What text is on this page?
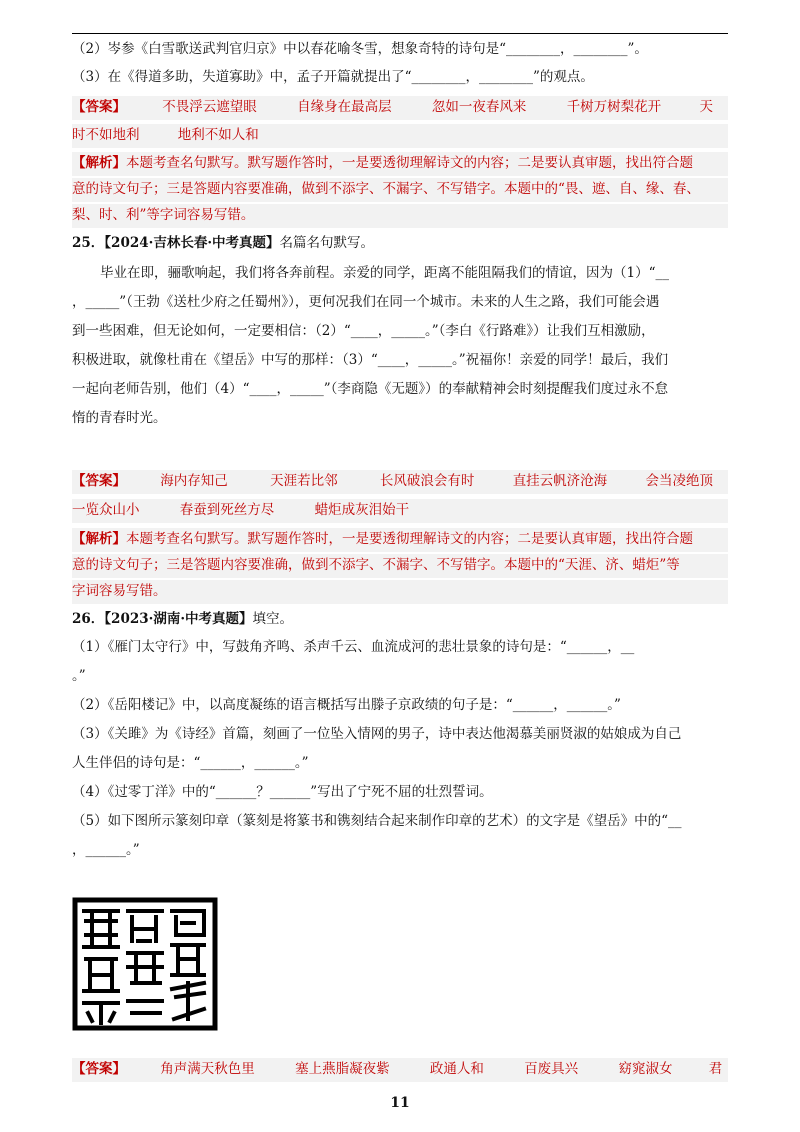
（2）岑参《白雪歌送武判官归京》中以春花喻冬雪，想象奇特的诗句是“________，________”。
（3）在《得道多助，失道寡助》中，孟子开篇就提出了“________，________”的观点。
【答案】	不畏浮云遮望眼	自缘身在最高层	忽如一夜春风来	千树万树梨花开	天
时不如地利	地利不如人和
【解析】本题考查名句默写。默写题作答时，一是要透彻理解诗文的内容；二是要认真审题，找出符合题
意的诗文句子；三是答题内容要准确，做到不添字、不漏字、不写错字。本题中的“畏、遮、自、缘、春、
梨、时、利”等字词容易写错。
25．【2024·吉林长春·中考真题】名篇名句默写。
毕业在即，骊歌响起，我们将各奔前程。亲爱的同学，距离不能阻隔我们的情谊，因为（1）“__
，_____”（王勃《送杜少府之任蜀州》），更何况我们在同一个城市。未来的人生之路，我们可能会遇
到一些困难，但无论如何，一定要相信：（2）“____，_____。”（李白《行路难》）让我们互相激励，
积极进取，就像杜甫在《望岳》中写的那样：（3）“____，_____。”祝福你！亲爱的同学！最后，我们
一起向老师告别，他们（4）“____，_____”（李商隐《无题》）的奉献精神会时刻提醒我们度过永不怠
惰的青春时光。
【答案】	海内存知己	天涯若比邻	长风破浪会有时	直挂云帆济沧海	会当凌绝顶
一览众山小	春蚕到死丝方尽	蜡炬成灰泪始干
【解析】本题考查名句默写。默写题作答时，一是要透彻理解诗文的内容；二是要认真审题，找出符合题
意的诗文句子；三是答题内容要准确，做到不添字、不漏字、不写错字。本题中的“天涯、济、蜡炬”等
字词容易写错。
26．【2023·湖南·中考真题】填空。
（1）《雁门太守行》中，写鼓角齐鸣、杀声千云、血流成河的悲壮景象的诗句是：“______，__
。”
（2）《岳阳楼记》中，以高度凝练的语言概括写出滕子京政绩的句子是：“______，______。”
（3）《关雎》为《诗经》首篇，刻画了一位坠入情网的男子，诗中表达他渴慕美丽贤淑的姑娘成为自己
人生伴侣的诗句是：“______，______。”
（4）《过零丁洋》中的“______？______”写出了宁死不屈的壮烈誓词。
（5）如下图所示篆刻印章（篆刻是将篆书和镌刻结合起来制作印章的艺术）的文字是《望岳》中的“__
，______。”
【答案】	角声满天秋色里	塞上燕脂凝夜紫	政通人和	百废具兴	窈窕淑女	君
11
